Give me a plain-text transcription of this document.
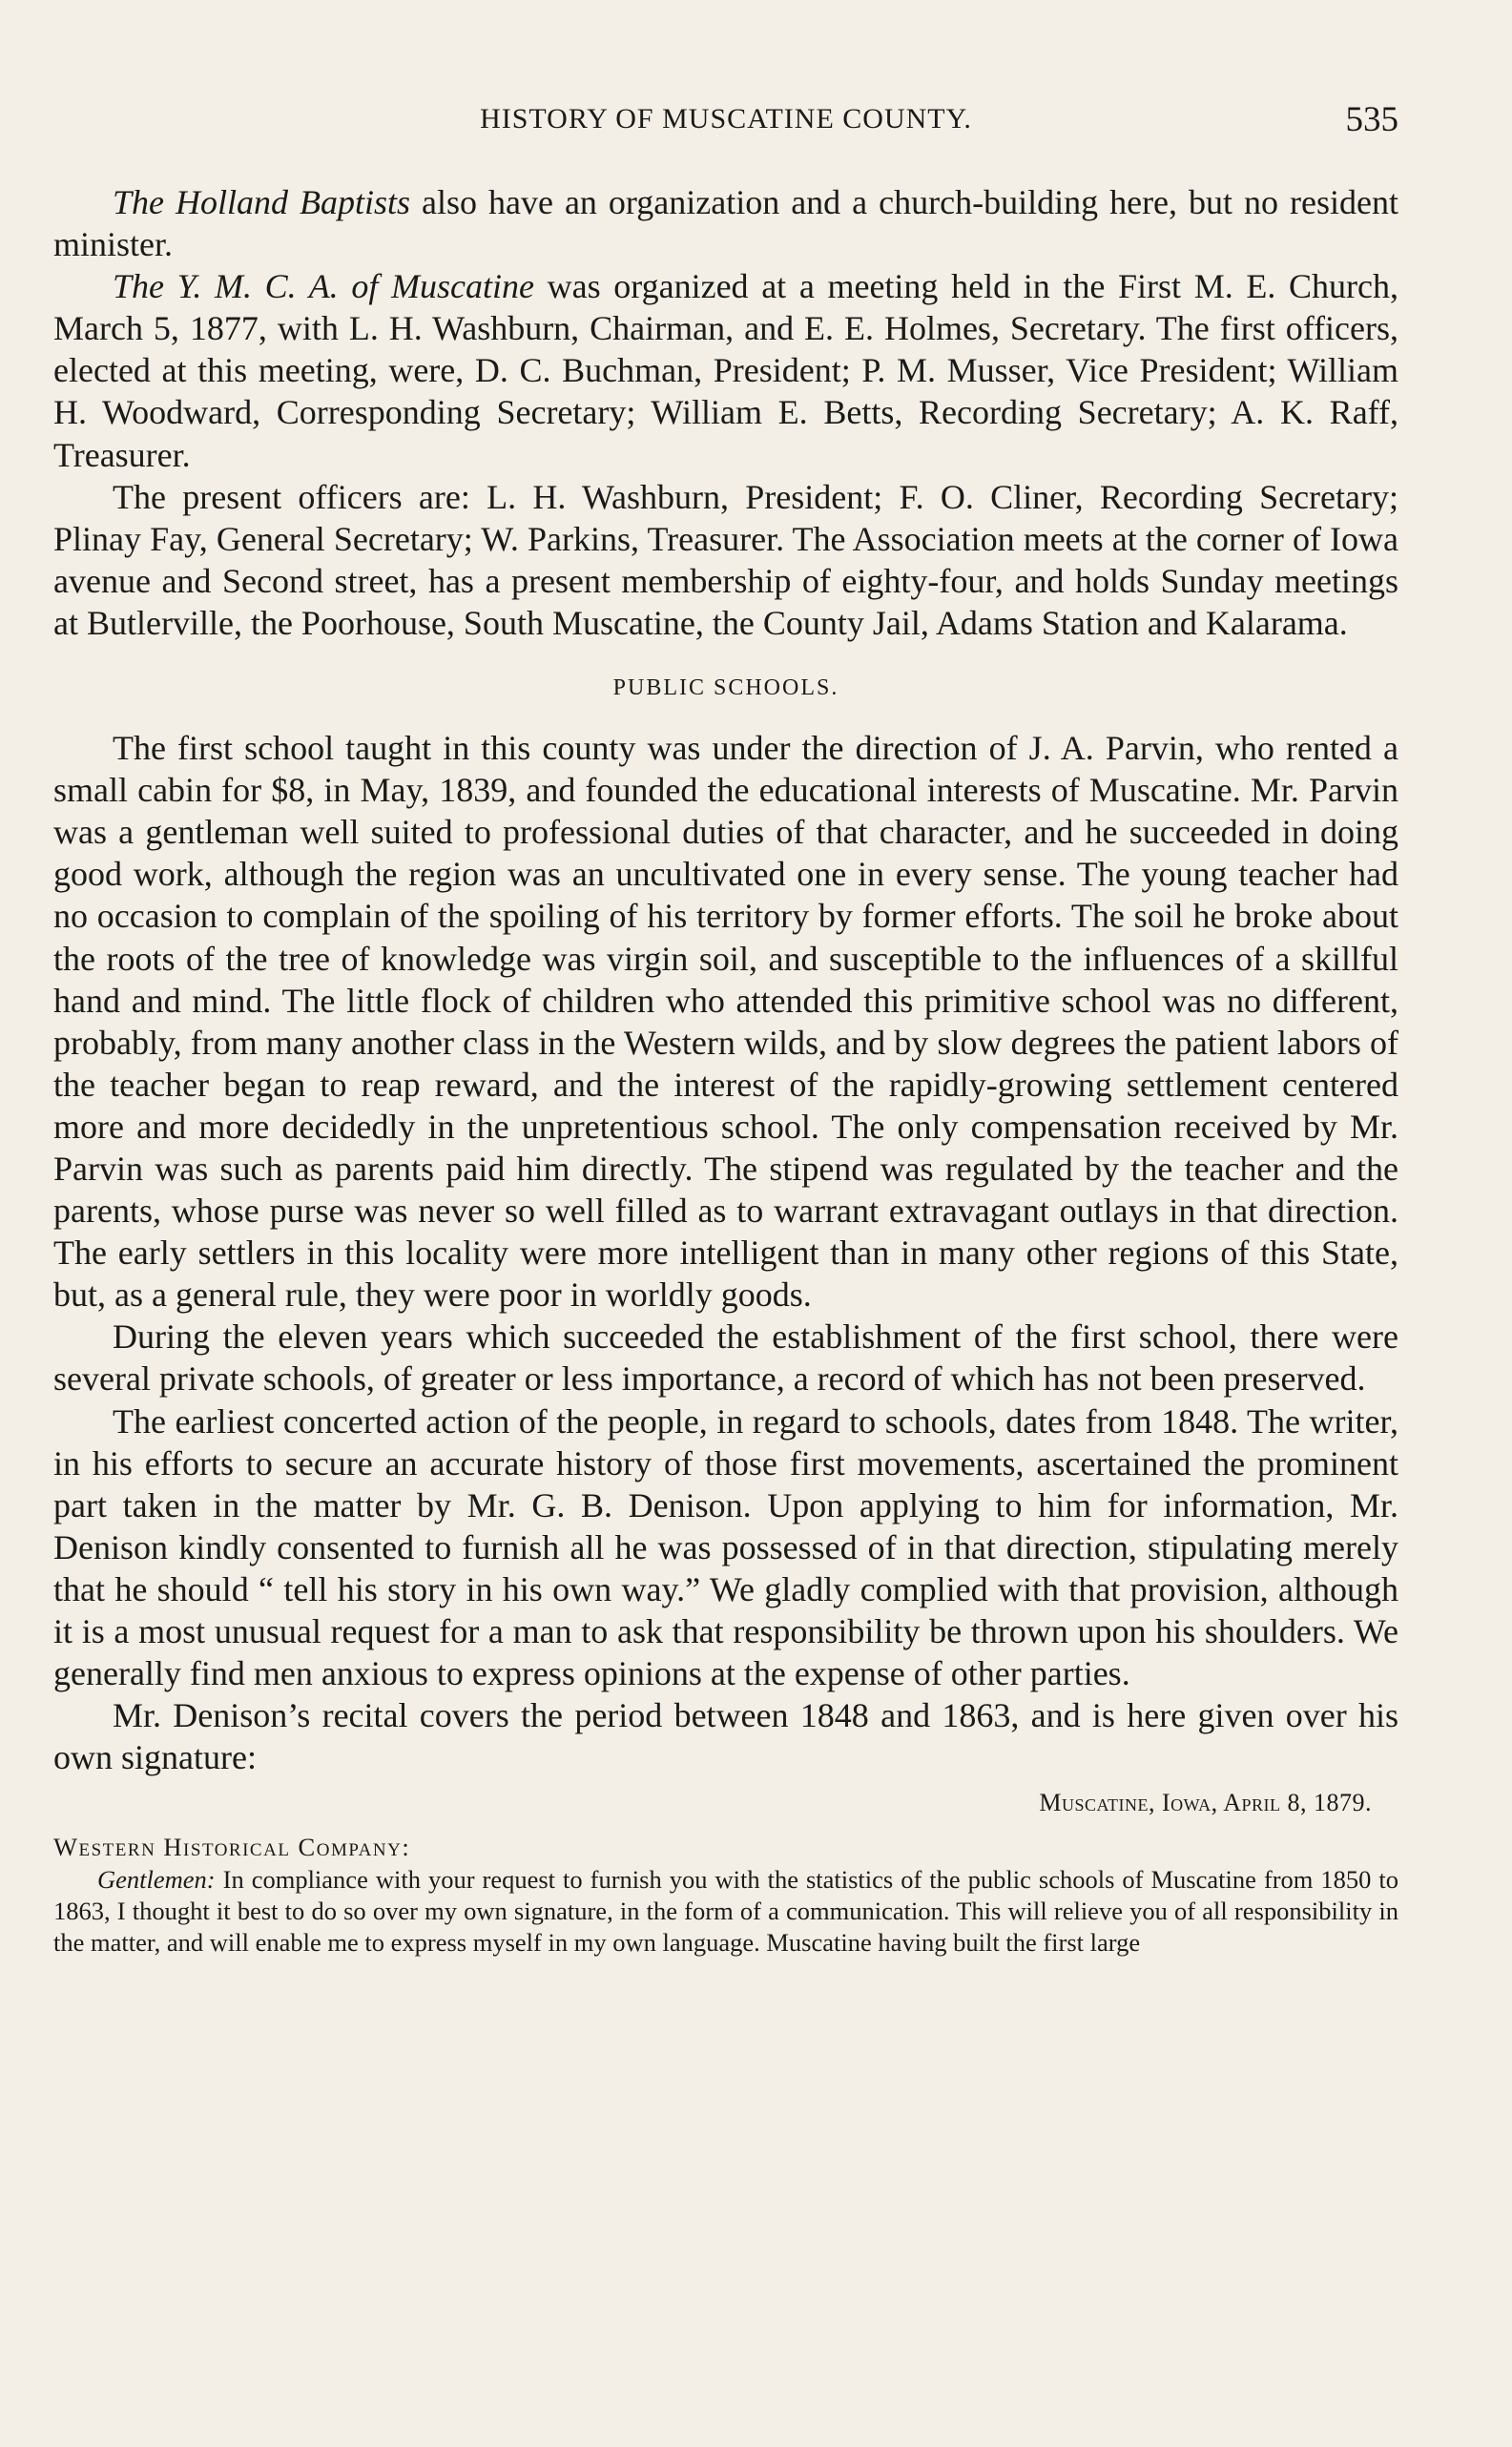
HISTORY OF MUSCATINE COUNTY.	535

The Holland Baptists also have an organization and a church-building here, but no resident minister.

The Y. M. C. A. of Muscatine was organized at a meeting held in the First M. E. Church, March 5, 1877, with L. H. Washburn, Chairman, and E. E. Holmes, Secretary. The first officers, elected at this meeting, were, D. C. Buchman, President; P. M. Musser, Vice President; William H. Woodward, Corresponding Secretary; William E. Betts, Recording Secretary; A. K. Raff, Treasurer.

The present officers are: L. H. Washburn, President; F. O. Cliner, Recording Secretary; Plinay Fay, General Secretary; W. Parkins, Treasurer. The Association meets at the corner of Iowa avenue and Second street, has a present membership of eighty-four, and holds Sunday meetings at Butlerville, the Poorhouse, South Muscatine, the County Jail, Adams Station and Kalarama.

PUBLIC SCHOOLS.

The first school taught in this county was under the direction of J. A. Parvin, who rented a small cabin for $8, in May, 1839, and founded the educational interests of Muscatine. Mr. Parvin was a gentleman well suited to professional duties of that character, and he succeeded in doing good work, although the region was an uncultivated one in every sense. The young teacher had no occasion to complain of the spoiling of his territory by former efforts. The soil he broke about the roots of the tree of knowledge was virgin soil, and susceptible to the influences of a skillful hand and mind. The little flock of children who attended this primitive school was no different, probably, from many another class in the Western wilds, and by slow degrees the patient labors of the teacher began to reap reward, and the interest of the rapidly-growing settlement centered more and more decidedly in the unpretentious school. The only compensation received by Mr. Parvin was such as parents paid him directly. The stipend was regulated by the teacher and the parents, whose purse was never so well filled as to warrant extravagant outlays in that direction. The early settlers in this locality were more intelligent than in many other regions of this State, but, as a general rule, they were poor in worldly goods.

During the eleven years which succeeded the establishment of the first school, there were several private schools, of greater or less importance, a record of which has not been preserved.

The earliest concerted action of the people, in regard to schools, dates from 1848. The writer, in his efforts to secure an accurate history of those first movements, ascertained the prominent part taken in the matter by Mr. G. B. Denison. Upon applying to him for information, Mr. Denison kindly consented to furnish all he was possessed of in that direction, stipulating merely that he should “ tell his story in his own way.” We gladly complied with that provision, although it is a most unusual request for a man to ask that responsibility be thrown upon his shoulders. We generally find men anxious to express opinions at the expense of other parties.

Mr. Denison’s recital covers the period between 1848 and 1863, and is here given over his own signature:

Muscatine, Iowa, April 8, 1879.
Western Historical Company:

Gentlemen: In compliance with your request to furnish you with the statistics of the public schools of Muscatine from 1850 to 1863, I thought it best to do so over my own signature, in the form of a communication. This will relieve you of all responsibility in the matter, and will enable me to express myself in my own language. Muscatine having built the first large
